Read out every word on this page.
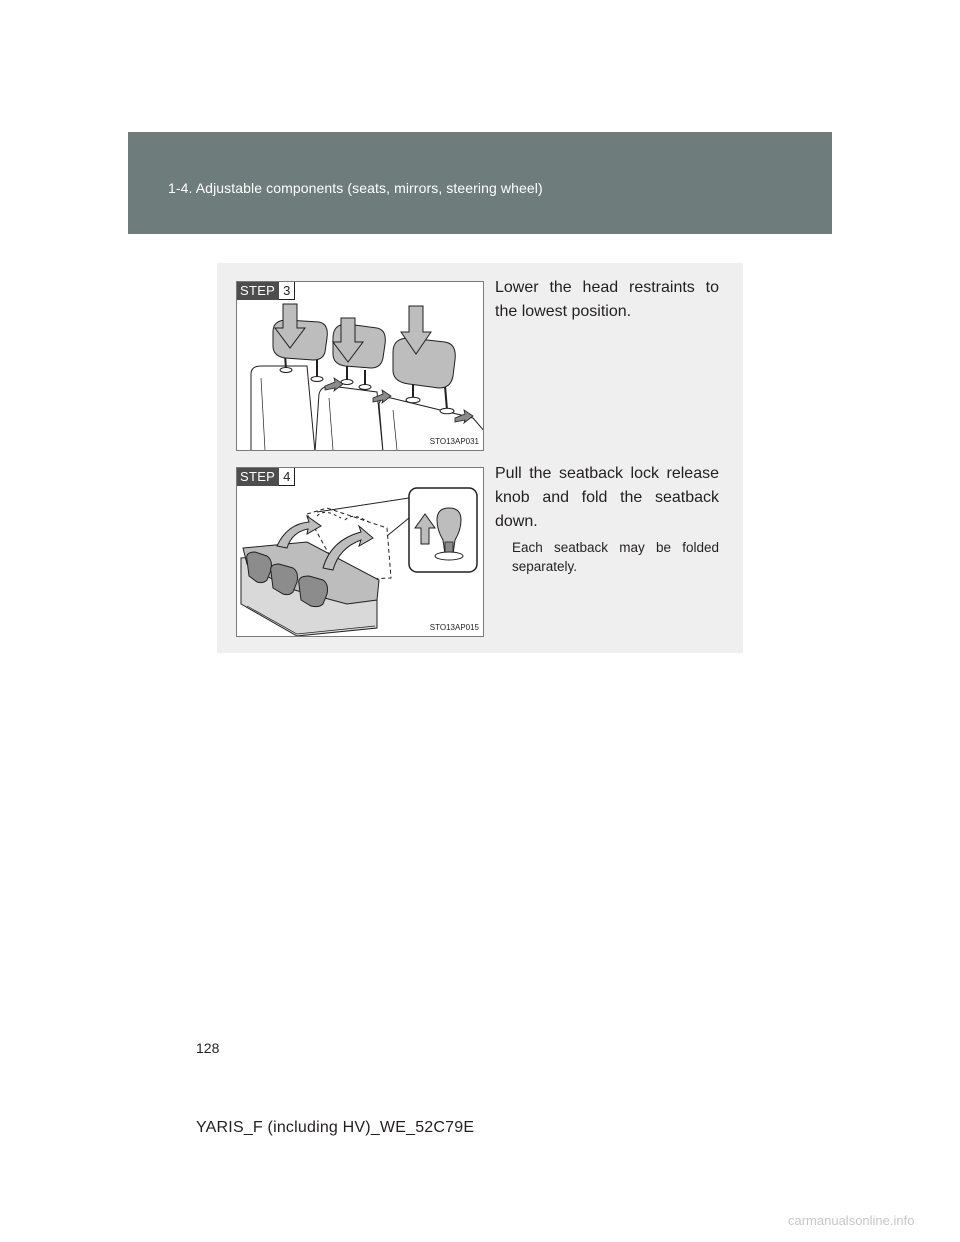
1-4. Adjustable components (seats, mirrors, steering wheel)
STEP 3
STO13AP031
Lower the head restraints to the lowest position.
STEP 4
STO13AP015
Pull the seatback lock release knob and fold the seatback down.
Each seatback may be folded separately.
128
YARIS_F (including HV)_WE_52C79E
carmanualsonline.info
